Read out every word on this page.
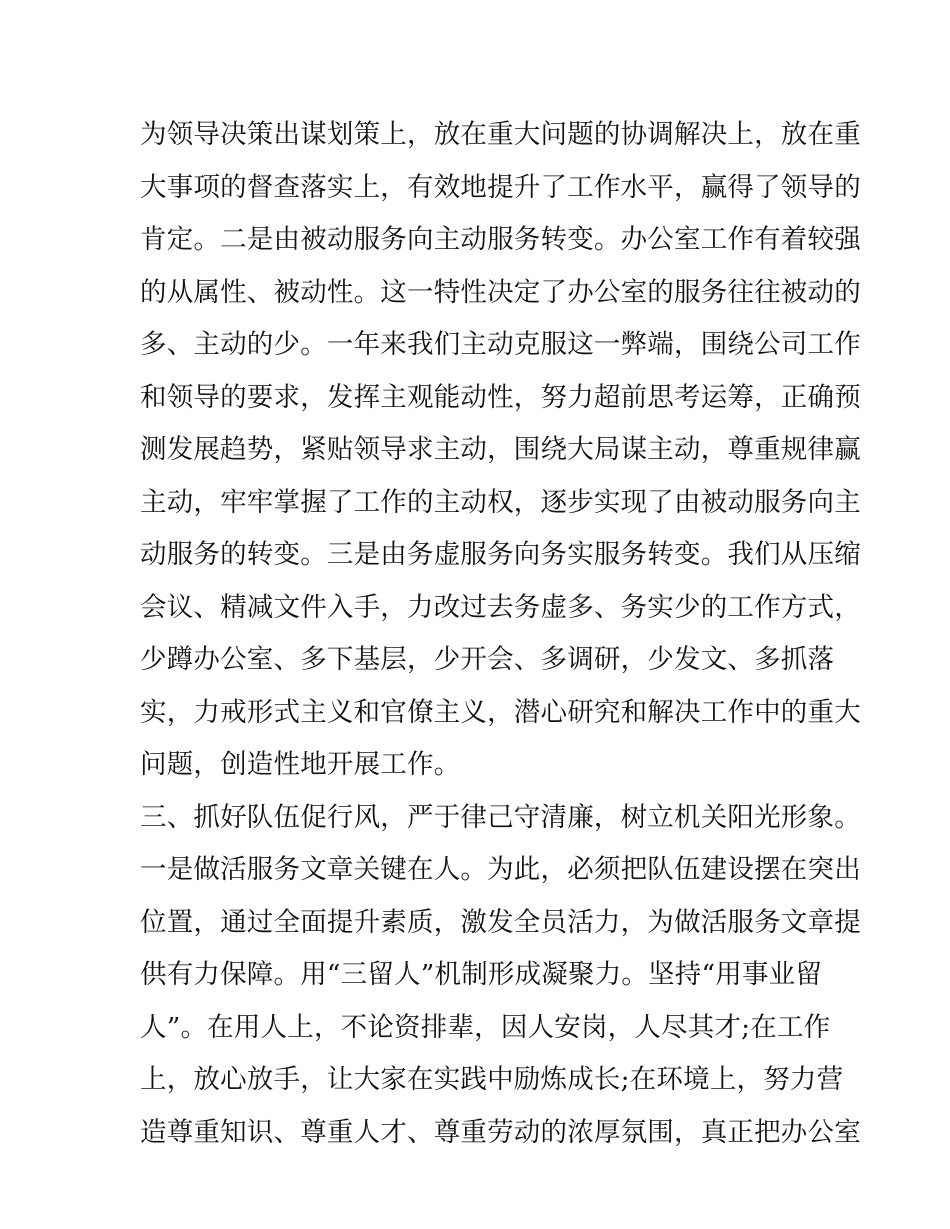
为领导决策出谋划策上，放在重大问题的协调解决上，放在重
大事项的督查落实上，有效地提升了工作水平，赢得了领导的
肯定。二是由被动服务向主动服务转变。办公室工作有着较强
的从属性、被动性。这一特性决定了办公室的服务往往被动的
多、主动的少。一年来我们主动克服这一弊端，围绕公司工作
和领导的要求，发挥主观能动性，努力超前思考运筹，正确预
测发展趋势，紧贴领导求主动，围绕大局谋主动，尊重规律赢
主动，牢牢掌握了工作的主动权，逐步实现了由被动服务向主
动服务的转变。三是由务虚服务向务实服务转变。我们从压缩
会议、精减文件入手，力改过去务虚多、务实少的工作方式，
少蹲办公室、多下基层，少开会、多调研，少发文、多抓落
实，力戒形式主义和官僚主义，潜心研究和解决工作中的重大
问题，创造性地开展工作。
三、抓好队伍促行风，严于律己守清廉，树立机关阳光形象。
一是做活服务文章关键在人。为此，必须把队伍建设摆在突出
位置，通过全面提升素质，激发全员活力，为做活服务文章提
供有力保障。用“三留人”机制形成凝聚力。坚持“用事业留
人”。在用人上，不论资排辈，因人安岗，人尽其才;在工作
上，放心放手，让大家在实践中励炼成长;在环境上，努力营
造尊重知识、尊重人才、尊重劳动的浓厚氛围，真正把办公室
